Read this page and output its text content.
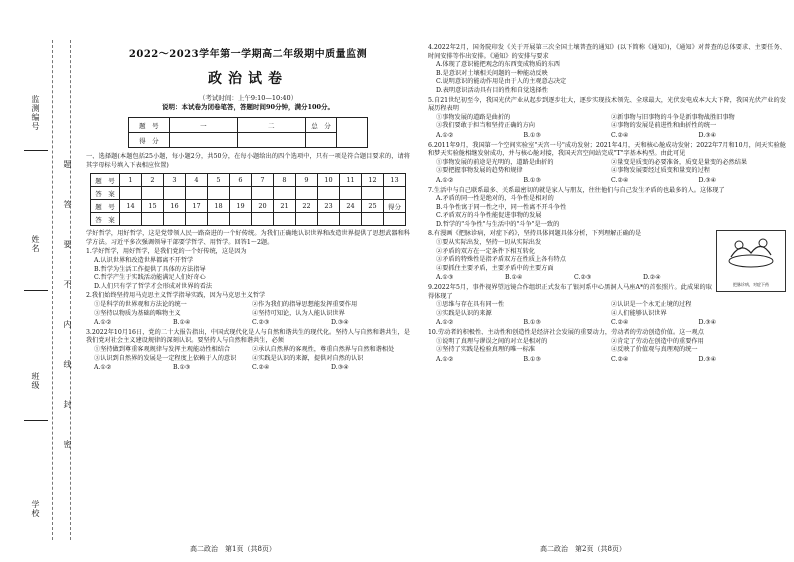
监测编号
姓名
班级
学校
题
答
要
不
内
线
封
密
2022～2023学年第一学期高二年级期中质量监测
政治试卷
（考试时间：上午9:10—10:40）
说明：本试卷为闭卷笔答，答题时间90分钟，满分100分。
题　号	一	二	总　分	
得　分				
一、选择题(本题包括25小题，每小题2分，共50分，在每小题给出的四个选项中，只有一项是符合题目要求的，请将其字母标号填入下表相应位置)
题　号	1	2	3	4	5	6	7	8	9	10	11	12	13
答　案													
题　号	14	15	16	17	18	19	20	21	22	23	24	25	得分
答　案													
学好哲学，用好哲学，这是党带领人民一路奋进的一个好传统。为我们正确地认识世界和改造世界提供了思想武器和科学方法。习近平多次强调领导干部要学哲学、用哲学。回答1～2题。
1.学好哲学，用好哲学，是我们党的一个好传统，这是因为
A.认识世界和改造世界都离不开哲学
B.哲学为生活工作提供了具体的方法指导
C.哲学产生于实践活动能满足人们好奇心
D.人们只有学了哲学才会形成对世界的看法
2.我们始终坚持用马克思主义哲学指导实践，因为马克思主义哲学
①是科学的世界观和方法论的统一	②作为我们的指导思想能发挥重要作用
③坚持以物质为基础的唯物主义	④坚持可知论，认为人能认识世界
A.①②	B.①④	C.②③	D.③④
3.2022年10月16日，党的二十大报告指出，中国式现代化是人与自然和谐共生的现代化。坚持人与自然和谐共生，是我们党对社会主义建设规律的深刻认识。要坚持人与自然和谐共生，必须
①坚持做到尊重客观规律与发挥主观能动性相结合	②承认自然界的客观性，尊重自然界与自然和谐相处
③认识到自然界的发展是一定程度上依赖于人的意识	④实践是认识的来源，提供对自然的认识
A.①②	B.①③	C.②④	D.③④
高二政治　第1页（共8页）
4.2022年2月，国务院印发《关于开展第三次全国土壤普查的通知》(以下简称《通知》)，《通知》对普查的总体要求、主要任务、时间安排等作出安排。《通知》的安排与要求
A.体现了意识能把观念的东西变成物质的东西
B.是意识对土壤相关问题的一种能动反映
C.说明意识的能动作用是由于人的主观意志决定
D.表明意识活动具有目的性和自觉选择性
5.自21世纪初至今，我国光伏产业从起步到逐步壮大，逐步实现技术领先、全球最大，光伏发电成本大大下降，我国光伏产业的发展历程表明
①事物发展的道路是曲折的	②新事物与旧事物的斗争是新事物战胜旧事物
③我们要敢于担当和坚持正确的方向	④事物的发展是前进性和曲折性的统一
A.①②	B.①③	C.②④	D.③④
6.2011年9月，我国第一个空间实验室"天宫一号"成功发射；2021年4月，天和核心舱成功发射；2022年7月和10月，问天实验舱和梦天实验舱相继发射成功，并与核心舱对接，我国天宫空间站完成"T"字基本构型。由此可见
①事物发展的前途是光明的，道路是曲折的	②量变是质变的必要准备，质变是量变的必然结果
③要把握事物发展的趋势和规律	④事物发展要经过质变和量变的过程
A.①②	B.①③	C.②④	D.③④
7.生活中与自己联系最多、关系最密切的就是家人与朋友，往往他们与自己发生矛盾的也最多的人。这体现了
A.矛盾的同一性是绝对的，斗争性是相对的
B.斗争性寓于同一性之中，同一性离不开斗争性
C.矛盾双方的斗争性能促进事物的发展
D.哲学的"斗争性"与生活中的"斗争"是一致的
把脉诊病，对症下药
8.有漫画《把脉诊病，对症下药》，坚持具体问题具体分析，下列理解正确的是
①要从实际出发，坚持一切从实际出发
②矛盾的双方在一定条件下相互转化
③矛盾的特殊性是指矛盾双方在性质上各有特点
④要抓住主要矛盾，主要矛盾中的主要方面
A.①③	B.①④	C.②③	D.②④
9.2022年5月，事件视界望远镜合作组织正式发布了银河系中心黑洞人马座A*的首张照片。此成果的取得体现了
①思维与存在具有同一性	②认识是一个永无止境的过程
③实践是认识的来源	④人们能够认识世界
A.①②	B.①③	C.②④	D.③④
10.劳动者的积极性、主动性和创造性是经济社会发展的重要动力，劳动者的劳动创造价值。这一观点
①说明了真理与谬误之间的对立是相对的	②肯定了劳动在创造中的重要作用
③坚持了实践是检验真理的唯一标准	④反映了价值观与真理观的统一
A.①②	B.①③	C.②④	D.③④
高二政治　第2页（共8页）
